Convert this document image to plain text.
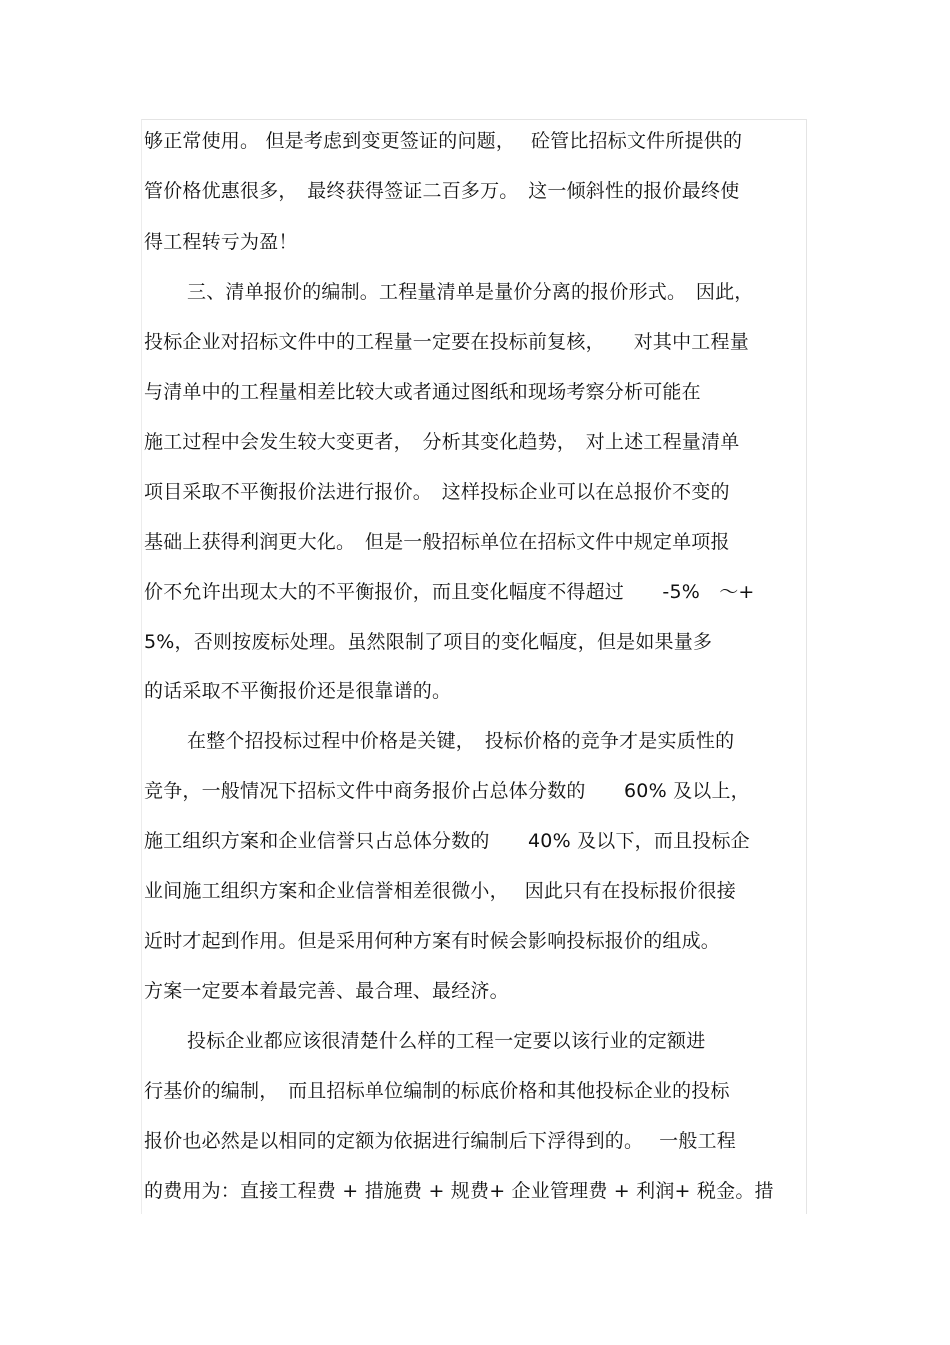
够正常使用。 但是考虑到变更签证的问题，　 砼管比招标文件所提供的
管价格优惠很多，　最终获得签证二百多万。　这一倾斜性的报价最终使
得工程转亏为盈！
三、清单报价的编制。工程量清单是量价分离的报价形式。　因此，
投标企业对招标文件中的工程量一定要在投标前复核，　　对其中工程量
与清单中的工程量相差比较大或者通过图纸和现场考察分析可能在
施工过程中会发生较大变更者，　分析其变化趋势，　对上述工程量清单
项目采取不平衡报价法进行报价。　这样投标企业可以在总报价不变的
基础上获得利润更大化。　但是一般招标单位在招标文件中规定单项报
价不允许出现太大的不平衡报价，而且变化幅度不得超过　　-5%　～+
5%，否则按废标处理。虽然限制了项目的变化幅度，但是如果量多
的话采取不平衡报价还是很靠谱的。
在整个招投标过程中价格是关键，　投标价格的竞争才是实质性的
竞争，一般情况下招标文件中商务报价占总体分数的　　60% 及以上，
施工组织方案和企业信誉只占总体分数的　　40% 及以下，而且投标企
业间施工组织方案和企业信誉相差很微小，　 因此只有在投标报价很接
近时才起到作用。但是采用何种方案有时候会影响投标报价的组成。
方案一定要本着最完善、最合理、最经济。
投标企业都应该很清楚什么样的工程一定要以该行业的定额进
行基价的编制，　而且招标单位编制的标底价格和其他投标企业的投标
报价也必然是以相同的定额为依据进行编制后下浮得到的。　 一般工程
的费用为：直接工程费 + 措施费 + 规费+ 企业管理费 + 利润+ 税金。措
